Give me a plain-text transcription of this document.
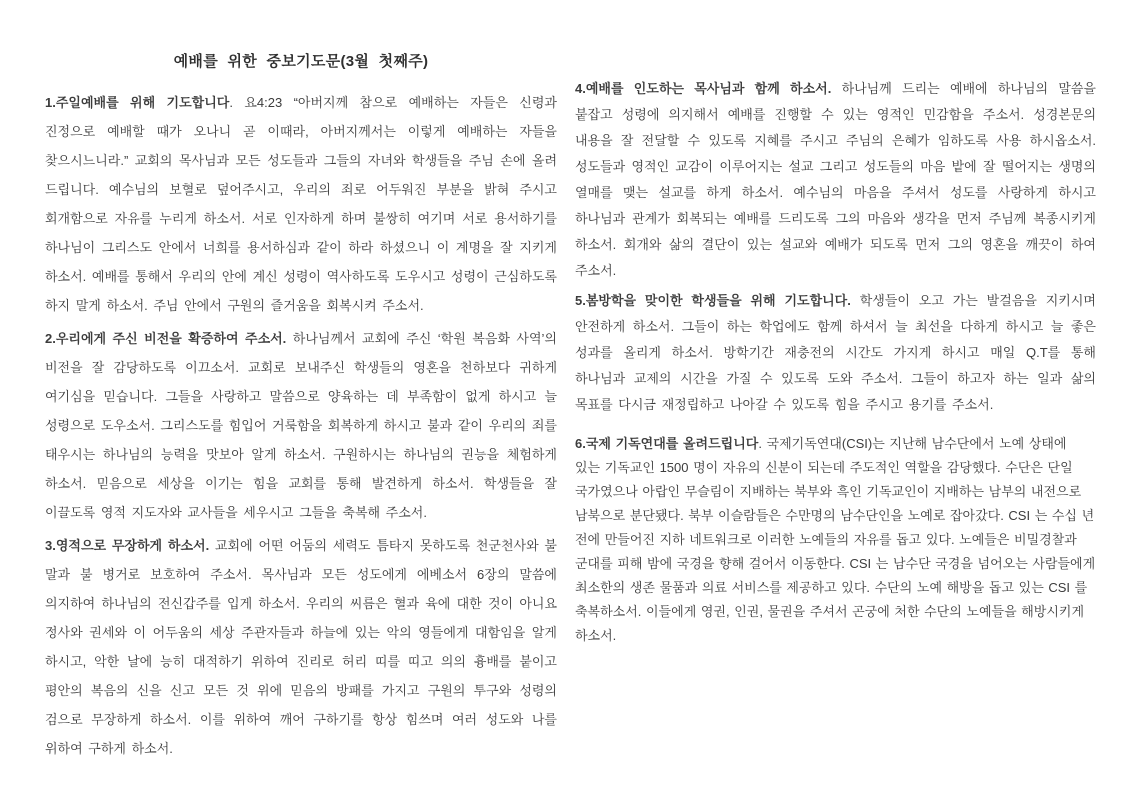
예배를 위한 중보기도문(3월 첫째주)

1.주일예배를 위해 기도합니다. 요4:23 “아버지께 참으로 예배하는 자들은 신령과 진정으로 예배할 때가 오나니 곧 이때라, 아버지께서는 이렇게 예배하는 자들을 찾으시느니라.” 교회의 목사님과 모든 성도들과 그들의 자녀와 학생들을 주님 손에 올려 드립니다. 예수님의 보혈로 덮어주시고, 우리의 죄로 어두워진 부분을 밝혀 주시고 회개함으로 자유를 누리게 하소서. 서로 인자하게 하며 불쌍히 여기며 서로 용서하기를 하나님이 그리스도 안에서 너희를 용서하심과 같이 하라 하셨으니 이 계명을 잘 지키게 하소서. 예배를 통해서 우리의 안에 계신 성령이 역사하도록 도우시고 성령이 근심하도록 하지 말게 하소서. 주님 안에서 구원의 즐거움을 회복시켜 주소서.

2.우리에게 주신 비전을 확증하여 주소서. 하나님께서 교회에 주신 ‘학원 복음화 사역’의 비전을 잘 감당하도록 이끄소서. 교회로 보내주신 학생들의 영혼을 천하보다 귀하게 여기심을 믿습니다. 그들을 사랑하고 말씀으로 양육하는 데 부족함이 없게 하시고 늘 성령으로 도우소서. 그리스도를 힘입어 거룩함을 회복하게 하시고 불과 같이 우리의 죄를 태우시는 하나님의 능력을 맛보아 알게 하소서. 구원하시는 하나님의 권능을 체험하게 하소서. 믿음으로 세상을 이기는 힘을 교회를 통해 발견하게 하소서. 학생들을 잘 이끌도록 영적 지도자와 교사들을 세우시고 그들을 축복해 주소서.

3.영적으로 무장하게 하소서. 교회에 어떤 어둠의 세력도 틈타지 못하도록 천군천사와 불 말과 불 병거로 보호하여 주소서. 목사님과 모든 성도에게 에베소서 6장의 말씀에 의지하여 하나님의 전신갑주를 입게 하소서. 우리의 씨름은 혈과 육에 대한 것이 아니요 정사와 권세와 이 어두움의 세상 주관자들과 하늘에 있는 악의 영들에게 대함임을 알게 하시고, 악한 날에 능히 대적하기 위하여 진리로 허리 띠를 띠고 의의 흉배를 붙이고 평안의 복음의 신을 신고 모든 것 위에 믿음의 방패를 가지고 구원의 투구와 성령의 검으로 무장하게 하소서. 이를 위하여 깨어 구하기를 항상 힘쓰며 여러 성도와 나를 위하여 구하게 하소서.

4.예배를 인도하는 목사님과 함께 하소서. 하나님께 드리는 예배에 하나님의 말씀을 붙잡고 성령에 의지해서 예배를 진행할 수 있는 영적인 민감함을 주소서. 성경본문의 내용을 잘 전달할 수 있도록 지혜를 주시고 주님의 은혜가 임하도록 사용 하시옵소서. 성도들과 영적인 교감이 이루어지는 설교 그리고 성도들의 마음 밭에 잘 떨어지는 생명의 열매를 맺는 설교를 하게 하소서. 예수님의 마음을 주셔서 성도를 사랑하게 하시고 하나님과 관계가 회복되는 예배를 드리도록 그의 마음와 생각을 먼저 주님께 복종시키게 하소서. 회개와 삶의 결단이 있는 설교와 예배가 되도록 먼저 그의 영혼을 깨끗이 하여 주소서.

5.봄방학을 맞이한 학생들을 위해 기도합니다. 학생들이 오고 가는 발걸음을 지키시며 안전하게 하소서. 그들이 하는 학업에도 함께 하셔서 늘 최선을 다하게 하시고 늘 좋은 성과를 올리게 하소서. 방학기간 재충전의 시간도 가지게 하시고 매일 Q.T를 통해 하나님과 교제의 시간을 가질 수 있도록 도와 주소서. 그들이 하고자 하는 일과 삶의 목표를 다시금 재정립하고 나아갈 수 있도록 힘을 주시고 용기를 주소서.

6.국제 기독연대를 올려드립니다. 국제기독연대(CSI)는 지난해 남수단에서 노예 상태에 있는 기독교인 1500 명이 자유의 신분이 되는데 주도적인 역할을 감당했다. 수단은 단일 국가였으나 아랍인 무슬림이 지배하는 북부와 흑인 기독교인이 지배하는 남부의 내전으로 남북으로 분단됐다. 북부 이슬람들은 수만명의 남수단인을 노예로 잡아갔다. CSI 는 수십 년 전에 만들어진 지하 네트워크로 이러한 노예들의 자유를 돕고 있다. 노예들은 비밀경찰과 군대를 피해 밤에 국경을 향해 걸어서 이동한다. CSI 는 남수단 국경을 넘어오는 사람들에게 최소한의 생존 물품과 의료 서비스를 제공하고 있다. 수단의 노예 해방을 돕고 있는 CSI 를 축복하소서. 이들에게 영권, 인권, 물권을 주셔서 곤궁에 처한 수단의 노예들을 해방시키게 하소서.
